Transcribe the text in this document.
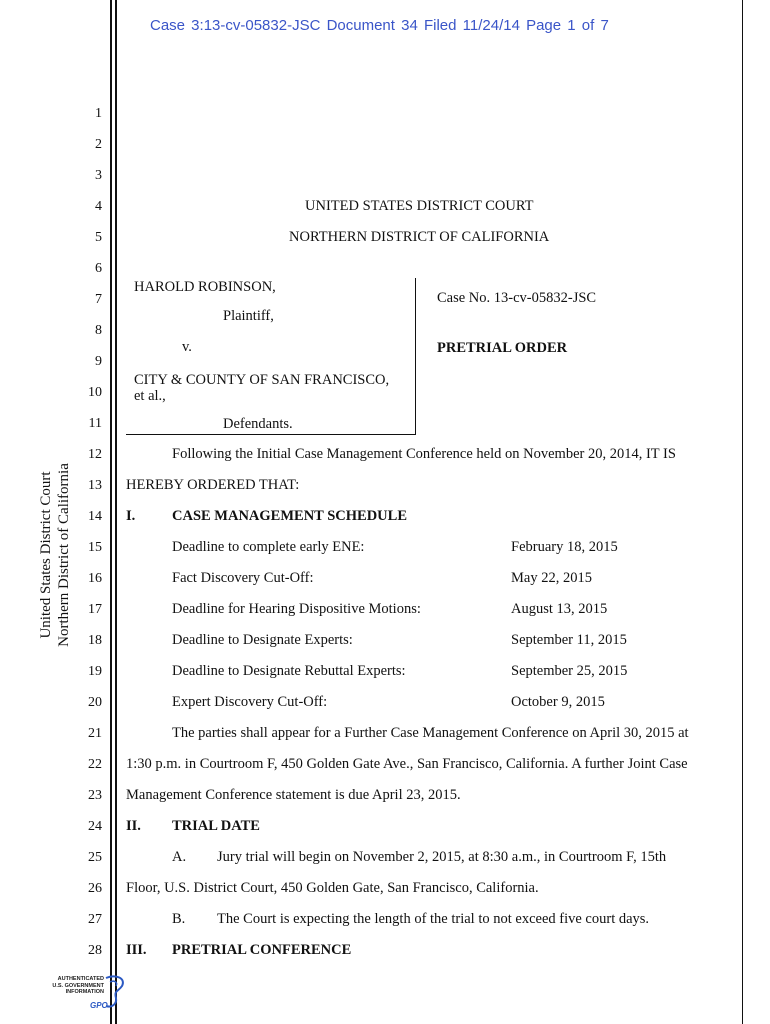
Case 3:13-cv-05832-JSC Document 34 Filed 11/24/14 Page 1 of 7
1
2
3
4
5
6
7
8
9
10
11
12
13
14
15
16
17
18
19
20
21
22
23
24
25
26
27
28
United States District Court Northern District of California
UNITED STATES DISTRICT COURT
NORTHERN DISTRICT OF CALIFORNIA
HAROLD ROBINSON,
Plaintiff,
v.
CITY & COUNTY OF SAN FRANCISCO,
et al.,
Defendants.
Case No. 13-cv-05832-JSC
PRETRIAL ORDER
Following the Initial Case Management Conference held on November 20, 2014, IT IS
HEREBY ORDERED THAT:
I.	CASE MANAGEMENT SCHEDULE
Deadline to complete early ENE:	February 18, 2015
Fact Discovery Cut-Off:	May 22, 2015
Deadline for Hearing Dispositive Motions:	August 13, 2015
Deadline to Designate Experts:	September 11, 2015
Deadline to Designate Rebuttal Experts:	September 25, 2015
Expert Discovery Cut-Off:	October 9, 2015
The parties shall appear for a Further Case Management Conference on April 30, 2015 at
1:30 p.m. in Courtroom F, 450 Golden Gate Ave., San Francisco, California. A further Joint Case
Management Conference statement is due April 23, 2015.
II. TRIAL DATE
A. Jury trial will begin on November 2, 2015, at 8:30 a.m., in Courtroom F, 15th
Floor, U.S. District Court, 450 Golden Gate, San Francisco, California.
B. The Court is expecting the length of the trial to not exceed five court days.
III. PRETRIAL CONFERENCE
AUTHENTICATED
U.S. GOVERNMENT
INFORMATION
GPO
